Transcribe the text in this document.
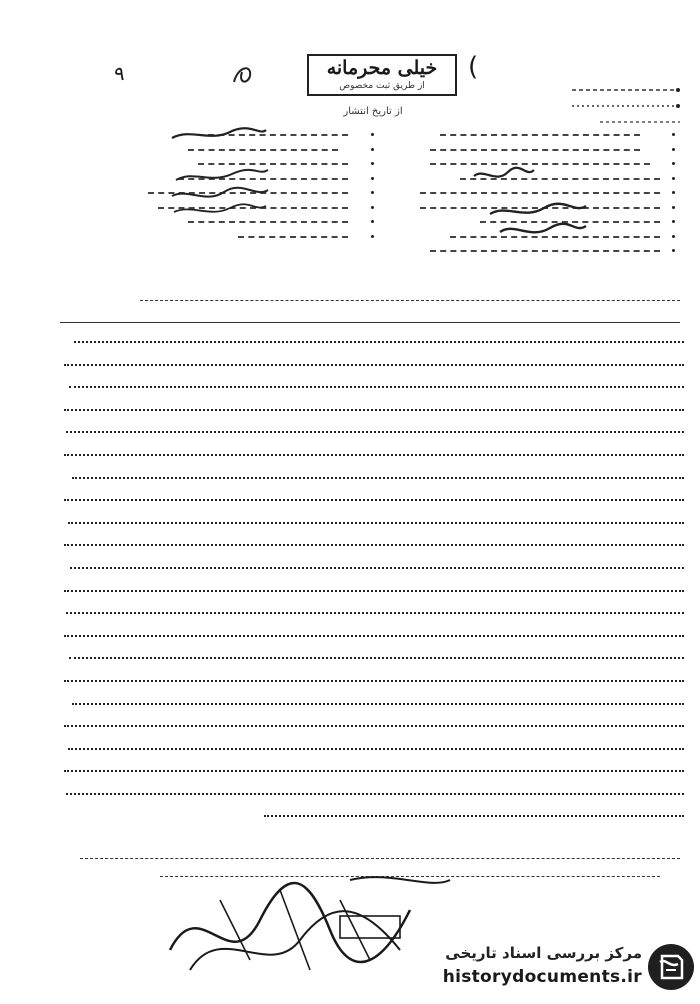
۹	(
خیلی محرمانه
از طریق ثبت مخصوص
از تاریخ انتشار
مرکز بررسی اسناد تاریخی
historydocuments.ir
